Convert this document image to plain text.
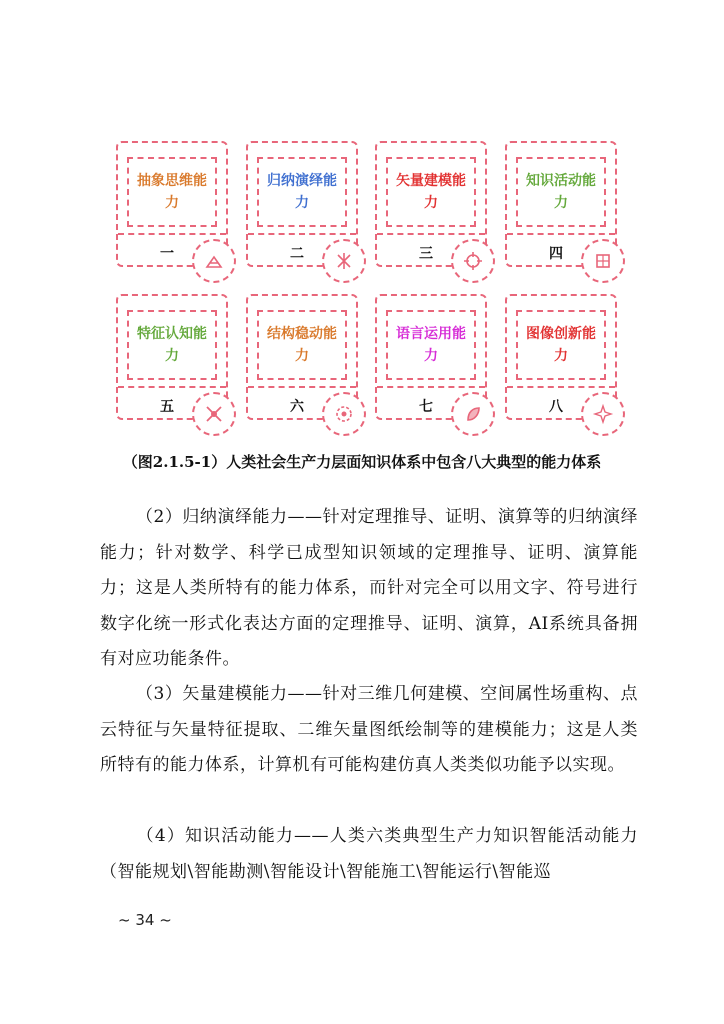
抽象思维能力
一
归纳演绎能力
二
矢量建模能力
三
知识活动能力
四
特征认知能力
五
结构稳动能力
六
语言运用能力
七
图像创新能力
八
（图2.1.5-1）人类社会生产力层面知识体系中包含八大典型的能力体系

（2）归纳演绎能力——针对定理推导、证明、演算等的归纳演绎能力；针对数学、科学已成型知识领域的定理推导、证明、演算能力；这是人类所特有的能力体系，而针对完全可以用文字、符号进行数字化统一形式化表达方面的定理推导、证明、演算，AI系统具备拥有对应功能条件。

（3）矢量建模能力——针对三维几何建模、空间属性场重构、点云特征与矢量特征提取、二维矢量图纸绘制等的建模能力；这是人类所特有的能力体系，计算机有可能构建仿真人类类似功能予以实现。

（4）知识活动能力——人类六类典型生产力知识智能活动能力（智能规划\智能勘测\智能设计\智能施工\智能运行\智能巡

~ 34 ~
